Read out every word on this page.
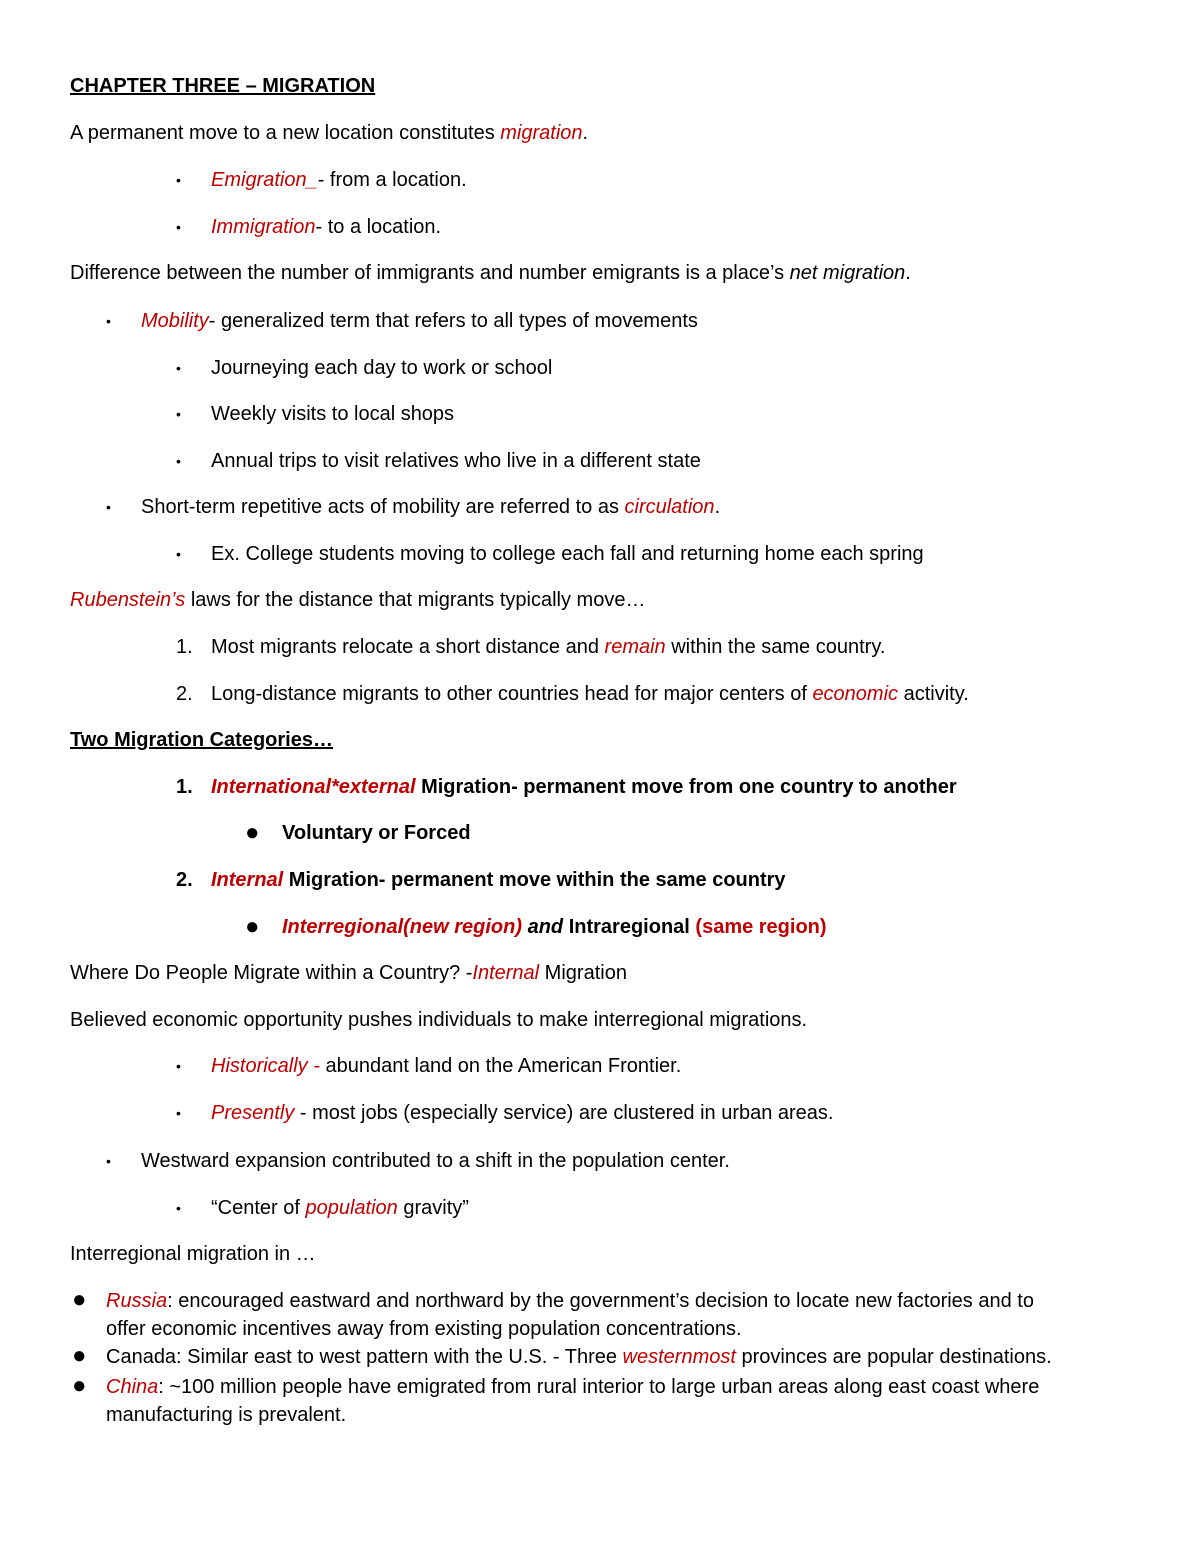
CHAPTER THREE – MIGRATION
A permanent move to a new location constitutes migration.
• Emigration_- from a location.
• Immigration- to a location.
Difference between the number of immigrants and number emigrants is a place’s net migration.
• Mobility- generalized term that refers to all types of movements
• Journeying each day to work or school
• Weekly visits to local shops
• Annual trips to visit relatives who live in a different state
• Short-term repetitive acts of mobility are referred to as circulation.
• Ex. College students moving to college each fall and returning home each spring
Rubenstein’s laws for the distance that migrants typically move…
1. Most migrants relocate a short distance and remain within the same country.
2. Long-distance migrants to other countries head for major centers of economic activity.
Two Migration Categories…
1. International*external Migration- permanent move from one country to another
● Voluntary or Forced
2. Internal Migration- permanent move within the same country
● Interregional(new region) and Intraregional (same region)
Where Do People Migrate within a Country? -Internal Migration
Believed economic opportunity pushes individuals to make interregional migrations.
• Historically - abundant land on the American Frontier.
• Presently - most jobs (especially service) are clustered in urban areas.
• Westward expansion contributed to a shift in the population center.
• “Center of population gravity”
Interregional migration in …
● Russia: encouraged eastward and northward by the government’s decision to locate new factories and to
offer economic incentives away from existing population concentrations.
● Canada: Similar east to west pattern with the U.S. - Three westernmost provinces are popular destinations.
● China: ~100 million people have emigrated from rural interior to large urban areas along east coast where
manufacturing is prevalent.
